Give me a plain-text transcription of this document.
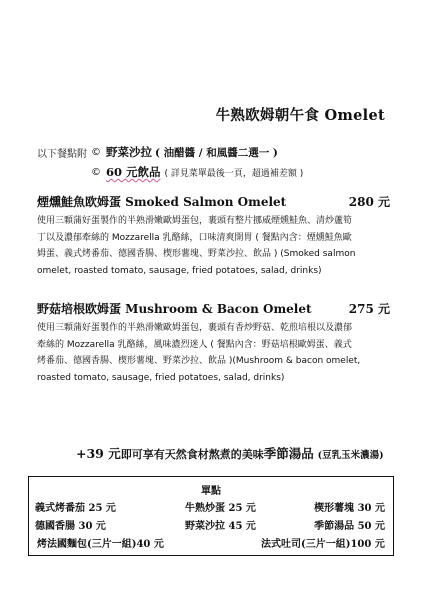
牛熟欧姆朝午食 Omelet
以下餐點附 © 野菜沙拉 ( 油醋醬 / 和風醬二選一 )
© 60 元飲品 ( 詳見菜單最後一頁，超過補差額 )
煙燻鮭魚欧姆蛋 Smoked Salmon Omelet	280 元
使用三顆蒲好蛋製作的半熟滑嫩歐姆蛋包，裹頭有整片挪威煙燻鮭魚、清炒蘆筍
丁以及濃郁牽絲的 Mozzarella 乳酪絲，口味清爽開胃 ( 餐點內含：煙燻鮭魚歐
姆蛋、義式烤番茄、德國香腸、楔形薯塊、野菜沙拉、飲品 ) (Smoked salmon
omelet, roasted tomato, sausage, fried potatoes, salad, drinks)
野菇培根欧姆蛋 Mushroom & Bacon Omelet	275 元
使用三顆蒲好蛋製作的半熟滑嫩歐姆蛋包，裹頭有香炒野菇、乾煎培根以及濃郁
牽絲的 Mozzarella 乳酪絲，風味濃烈迷人 ( 餐點內含：野菇培根歐姆蛋、義式
烤番茄、德國香腸、楔形薯塊、野菜沙拉、飲品 )(Mushroom & bacon omelet,
roasted tomato, sausage, fried potatoes, salad, drinks)
+39 元即可享有天然食材熬煮的美味季節湯品 (豆乳玉米濃湯)
單點
義式烤番茄 25 元	牛熟炒蛋 25 元	楔形薯塊 30 元
德國香腸 30 元	野菜沙拉 45 元	季節湯品 50 元
烤法國麵包(三片一組)40 元	法式吐司(三片一組)100 元
